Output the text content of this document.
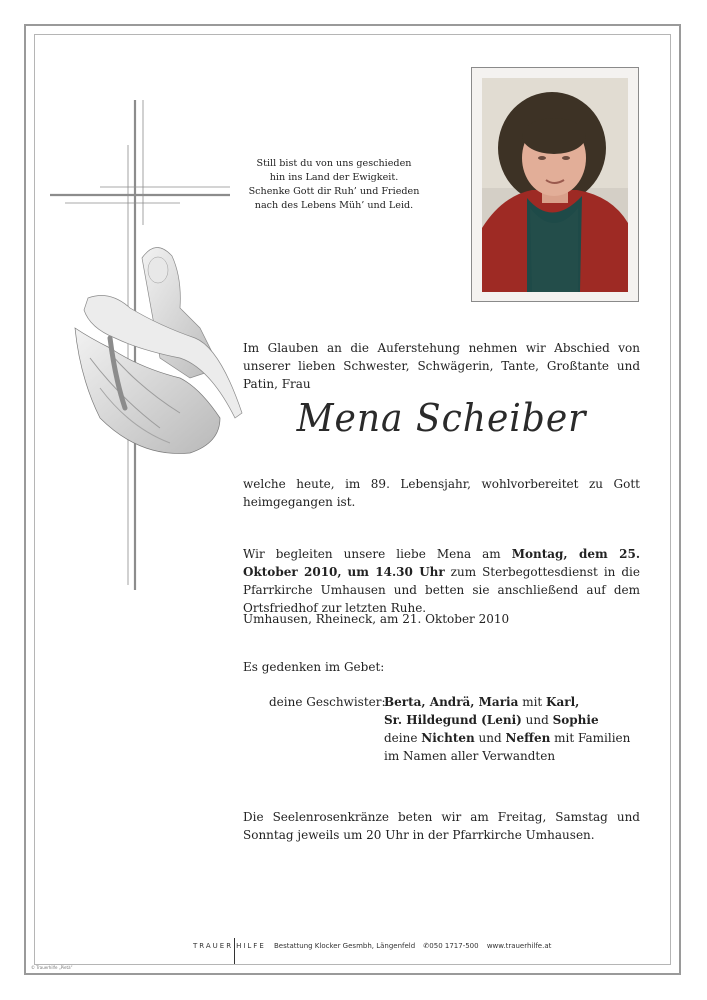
Still bist du von uns geschieden
hin ins Land der Ewigkeit.
Schenke Gott dir Ruh’ und Frieden
nach des Lebens Müh’ und Leid.
Im Glauben an die Auferstehung nehmen wir Abschied von unserer lieben Schwester, Schwägerin, Tante, Großtante und Patin, Frau
Mena Scheiber
welche heute, im 89. Lebensjahr, wohlvorbereitet zu Gott heimgegangen ist.
Wir begleiten unsere liebe Mena am Montag, dem 25. Oktober 2010, um 14.30 Uhr zum Sterbegottesdienst in die Pfarrkirche Umhausen und betten sie anschließend auf dem Ortsfriedhof zur letzten Ruhe.
Umhausen, Rheineck, am 21. Oktober 2010
Es gedenken im Gebet:
deine Geschwister:
Berta, Andrä, Maria mit Karl,
Sr. Hildegund (Leni) und Sophie
deine Nichten und Neffen mit Familien
im Namen aller Verwandten
Die Seelenrosenkränze beten wir am Freitag, Samstag und Sonntag jeweils um 20 Uhr in der Pfarrkirche Umhausen.
TRAUER HILFE Bestattung Klocker Gesmbh, Längenfeld ✆050 1717-500 www.trauerhilfe.at
© Trauerhilfe „Pietà“
